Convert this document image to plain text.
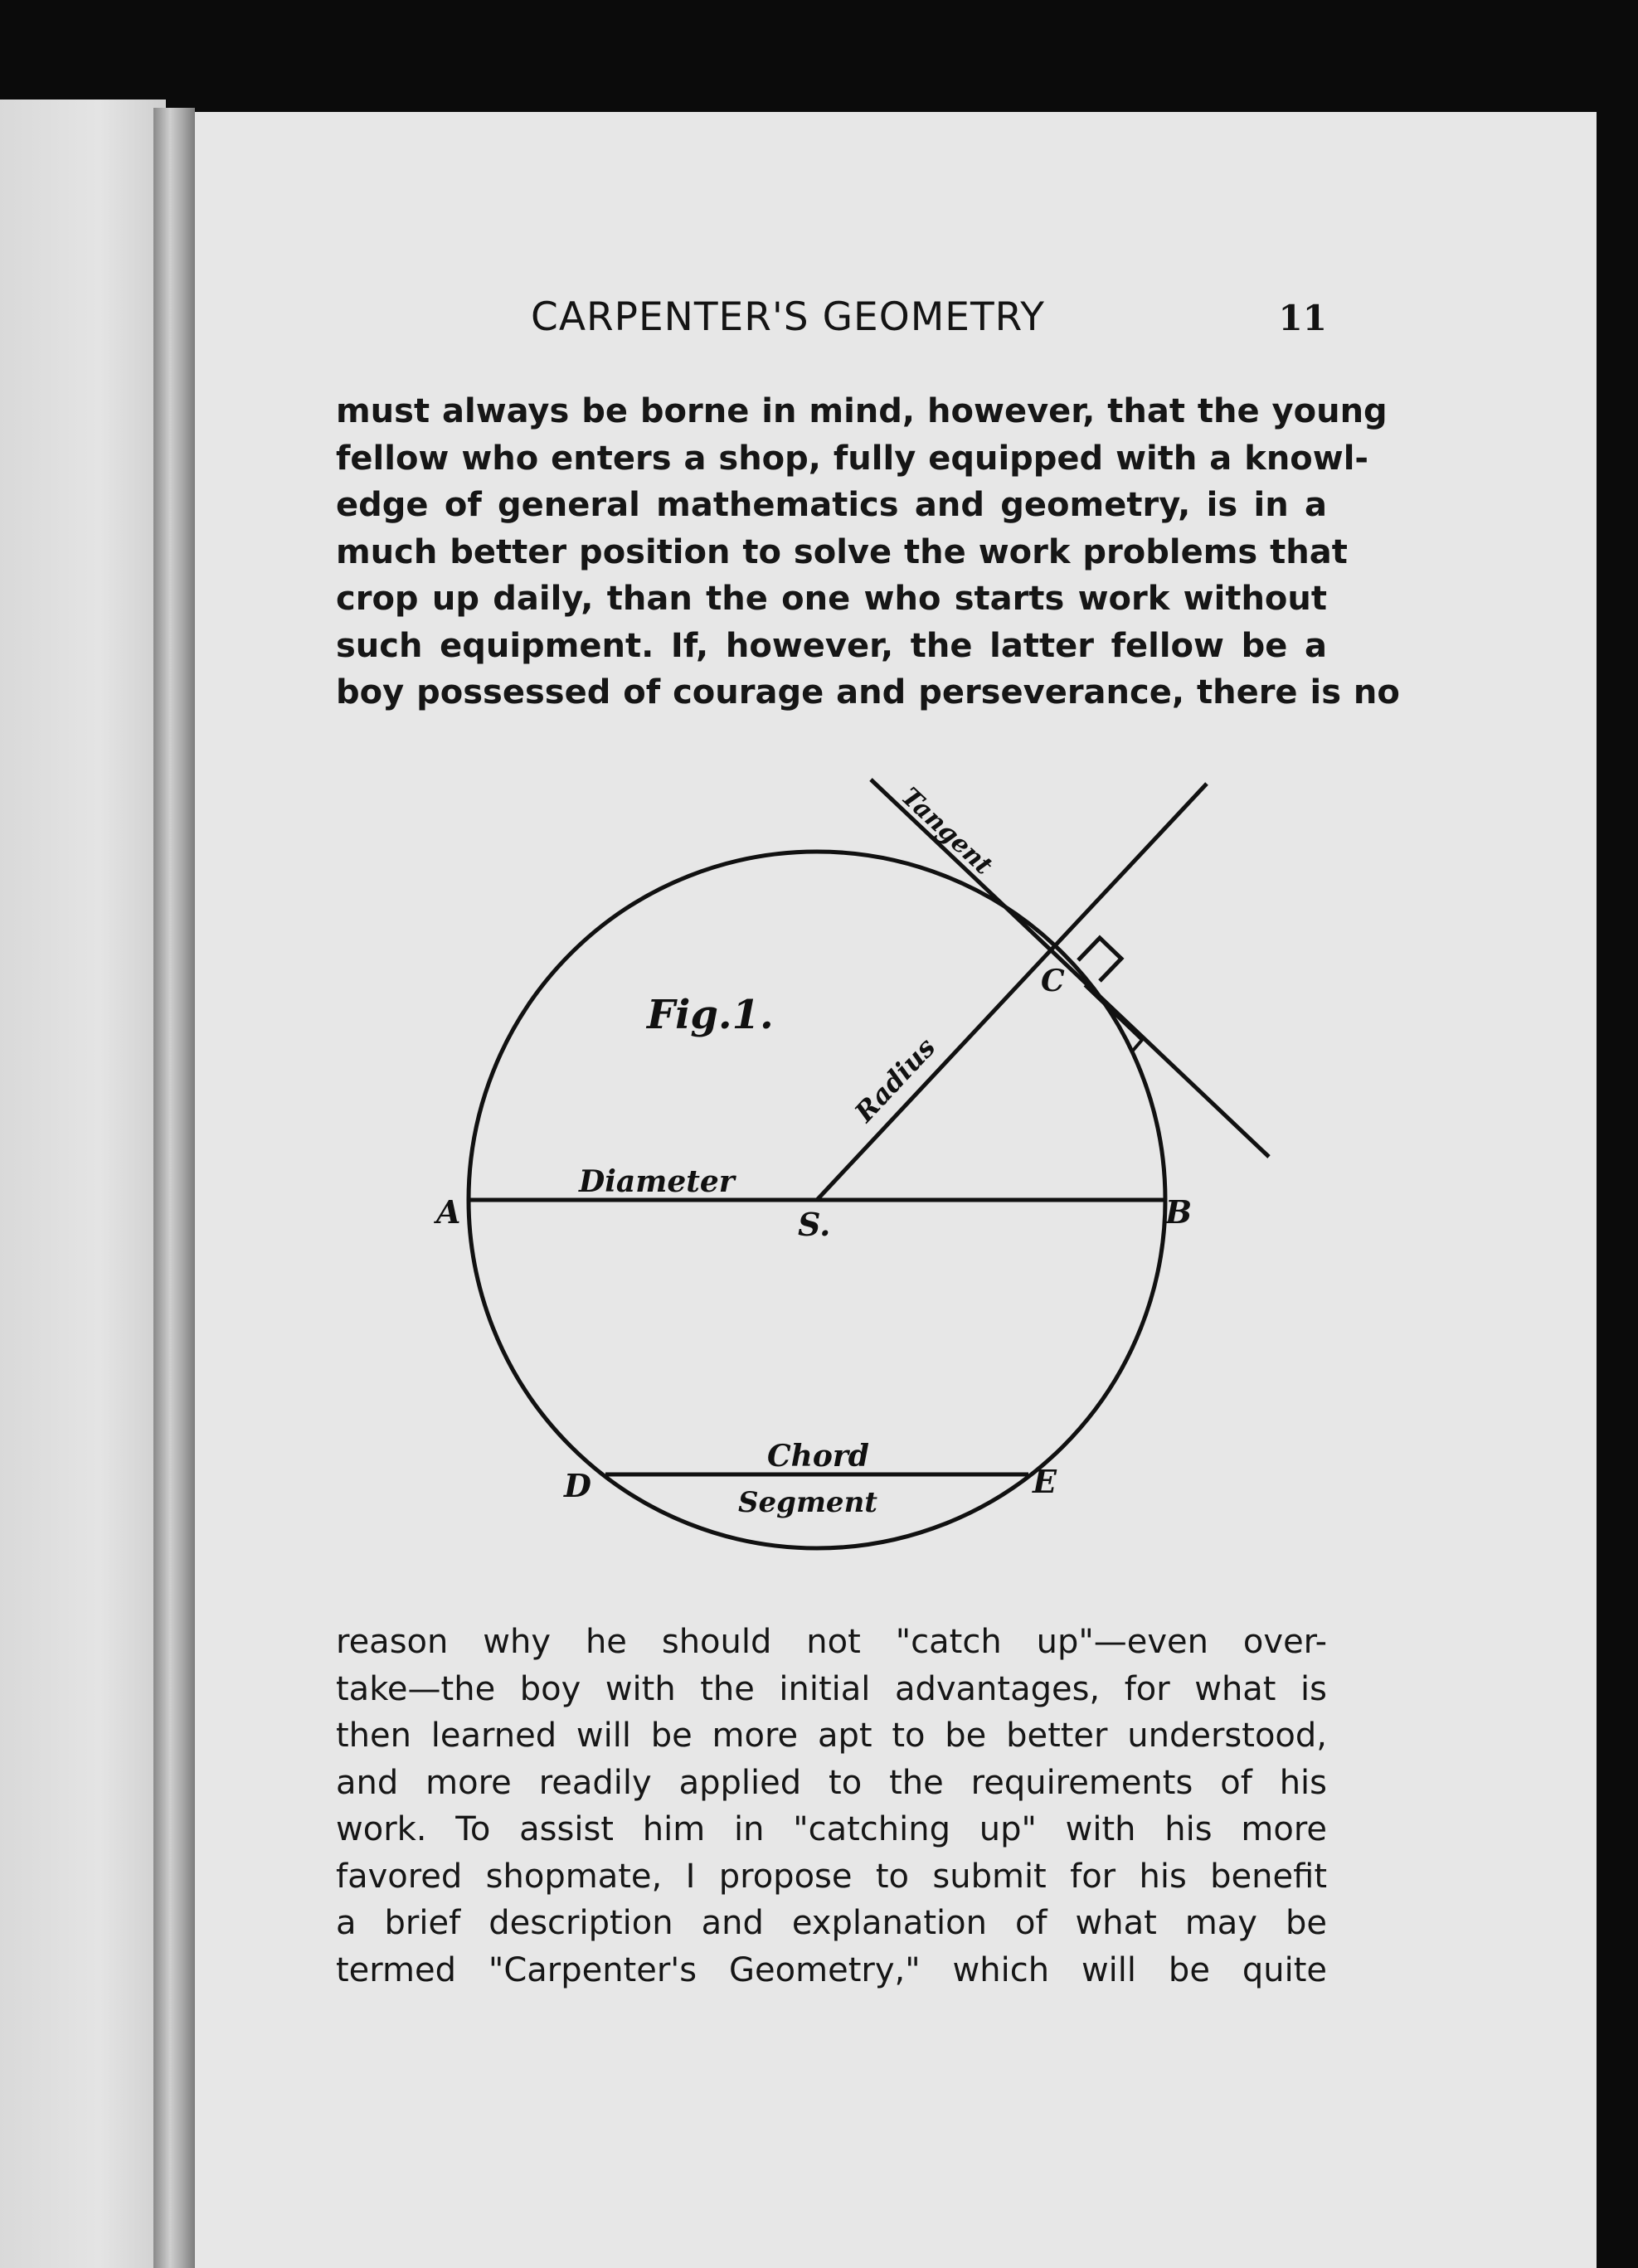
CARPENTER'S GEOMETRY	11
must always be borne in mind, however, that the young
fellow who enters a shop, fully equipped with a knowl-
edge of general mathematics and geometry, is in a
much better position to solve the work problems that
crop up daily, than the one who starts work without
such equipment. If, however, the latter fellow be a
boy possessed of courage and perseverance, there is no
Fig.1.
Diameter
A	B
S.
C
D	E
Chord
Segment
Radius
Tangent
reason why he should not "catch up"—even over-
take—the boy with the initial advantages, for what is
then learned will be more apt to be better understood,
and more readily applied to the requirements of his
work. To assist him in "catching up" with his more
favored shopmate, I propose to submit for his benefit
a brief description and explanation of what may be
termed "Carpenter's Geometry," which will be quite
